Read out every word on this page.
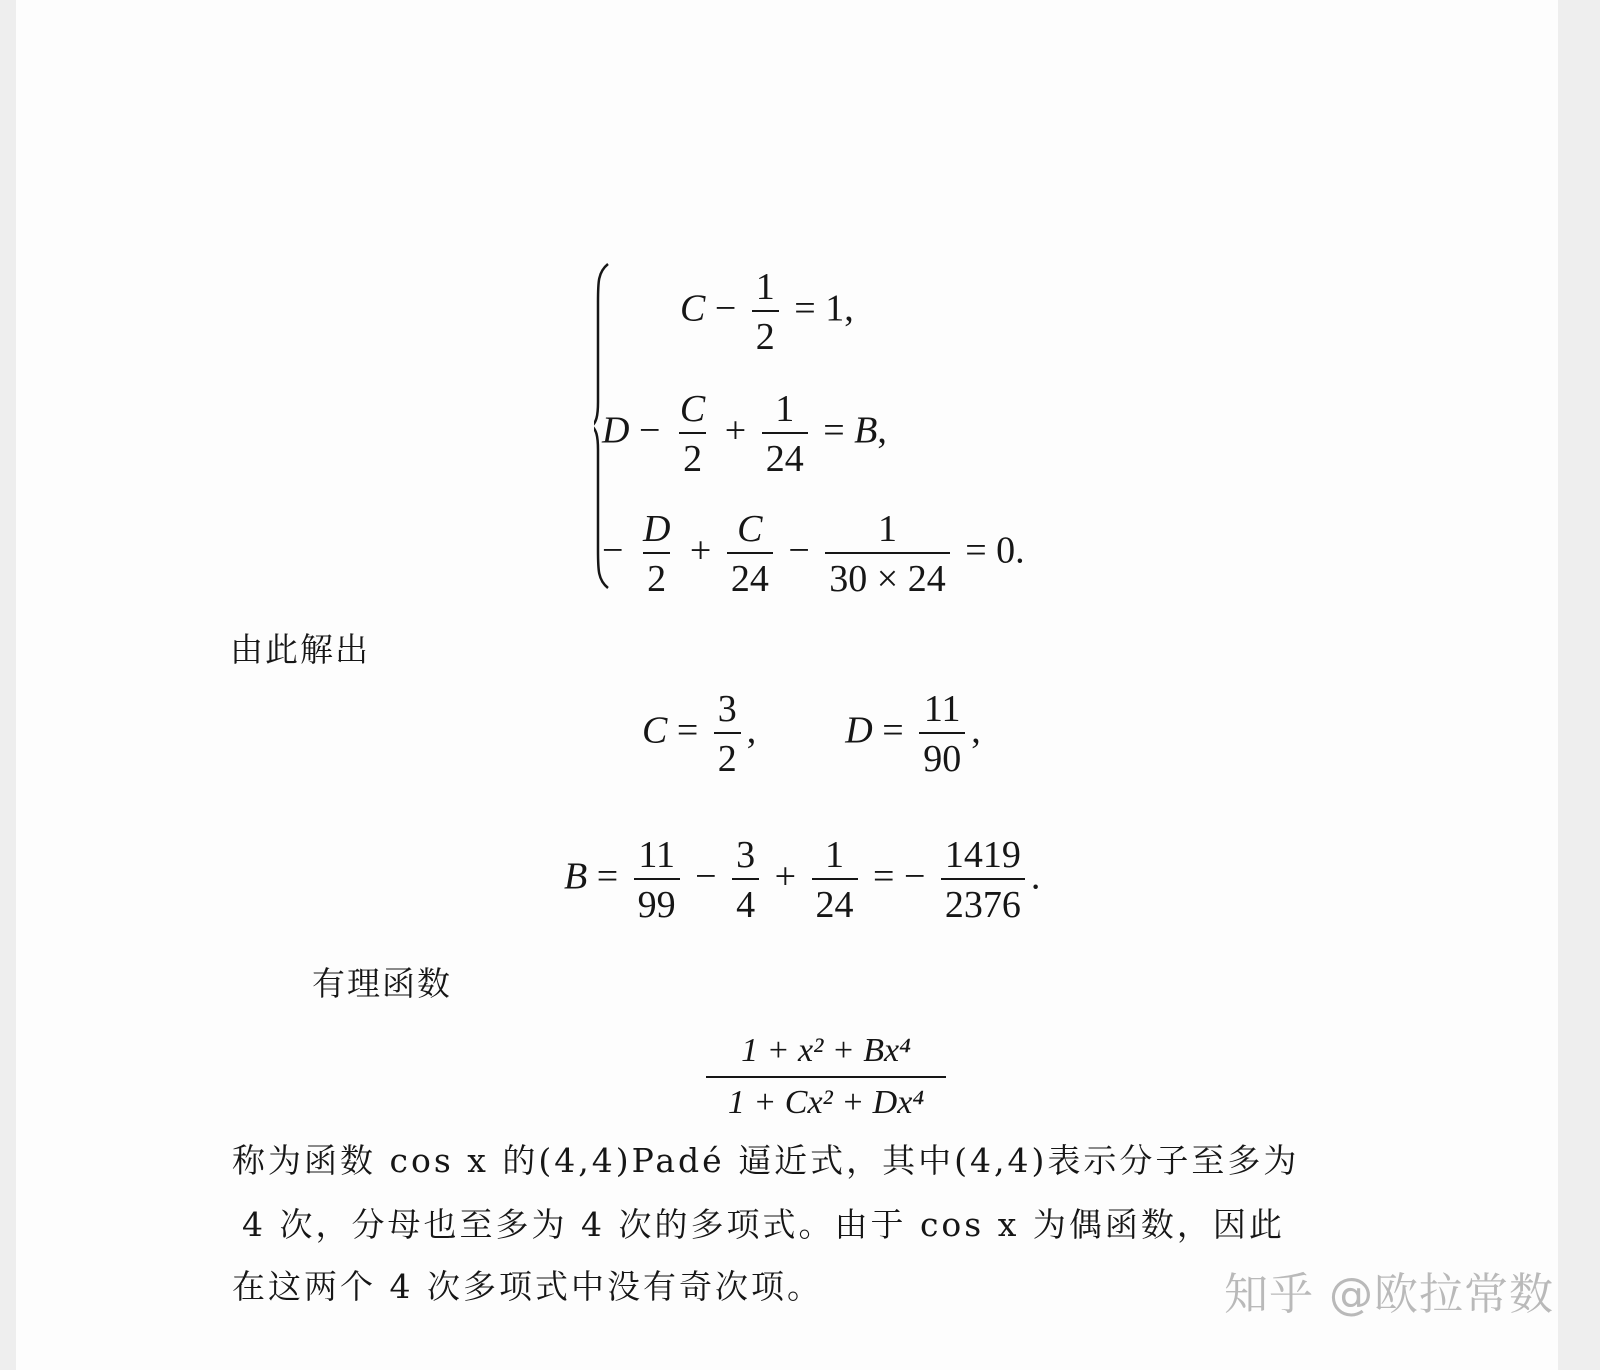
$C - \frac{1}{2} = 1$,
$D - \frac{C}{2} + \frac{1}{24} = B$,
− $\frac{D}{2} + \frac{C}{24} - \frac{1}{30 \times 24} = 0$.
由此解出
$C = \frac{3}{2}$ , $D = \frac{11}{90}$ ,
$B = \frac{11}{99} - \frac{3}{4} + \frac{1}{24}$ = − $\frac{1419}{2376}$ .
有理函数
$\frac{\text{1 + x² + Bx⁴}}{\text{1 + Cx² + Dx⁴}}$
称为函数 cos x 的(4,4)Padé 逼近式，其中(4,4)表示分子至多为
4 次，分母也至多为 4 次的多项式。由于 cos x 为偶函数，因此
在这两个 4 次多项式中没有奇次项。	知乎 @欧拉常数
